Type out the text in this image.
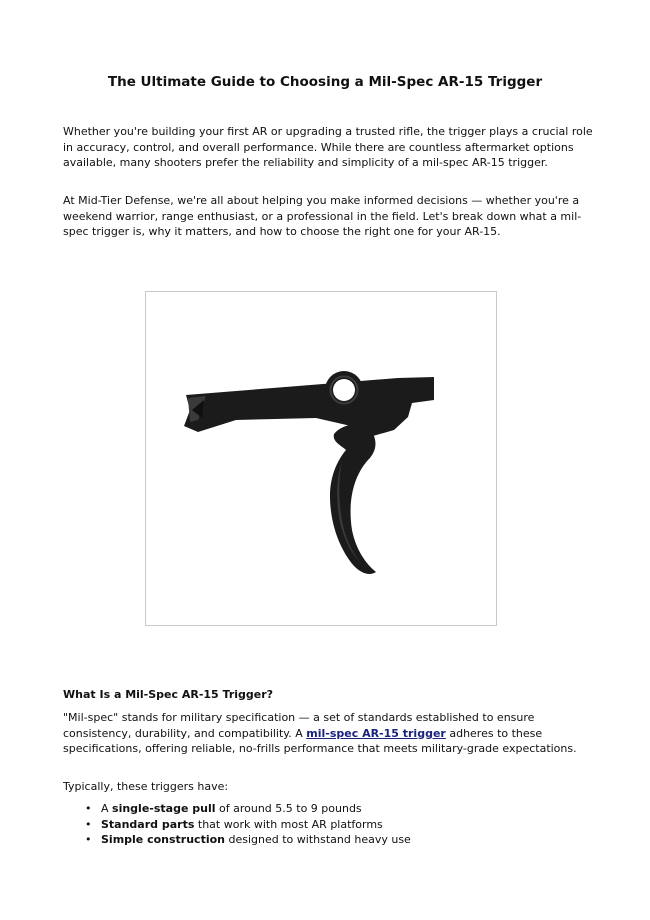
The Ultimate Guide to Choosing a Mil-Spec AR-15 Trigger

Whether you're building your first AR or upgrading a trusted rifle, the trigger plays a crucial role in accuracy, control, and overall performance. While there are countless aftermarket options available, many shooters prefer the reliability and simplicity of a mil-spec AR-15 trigger.

At Mid-Tier Defense, we're all about helping you make informed decisions — whether you're a weekend warrior, range enthusiast, or a professional in the field. Let's break down what a mil-spec trigger is, why it matters, and how to choose the right one for your AR-15.

What Is a Mil-Spec AR-15 Trigger?

"Mil-spec" stands for military specification — a set of standards established to ensure consistency, durability, and compatibility. A mil-spec AR-15 trigger adheres to these specifications, offering reliable, no-frills performance that meets military-grade expectations.

Typically, these triggers have:

• A single-stage pull of around 5.5 to 9 pounds
• Standard parts that work with most AR platforms
• Simple construction designed to withstand heavy use
